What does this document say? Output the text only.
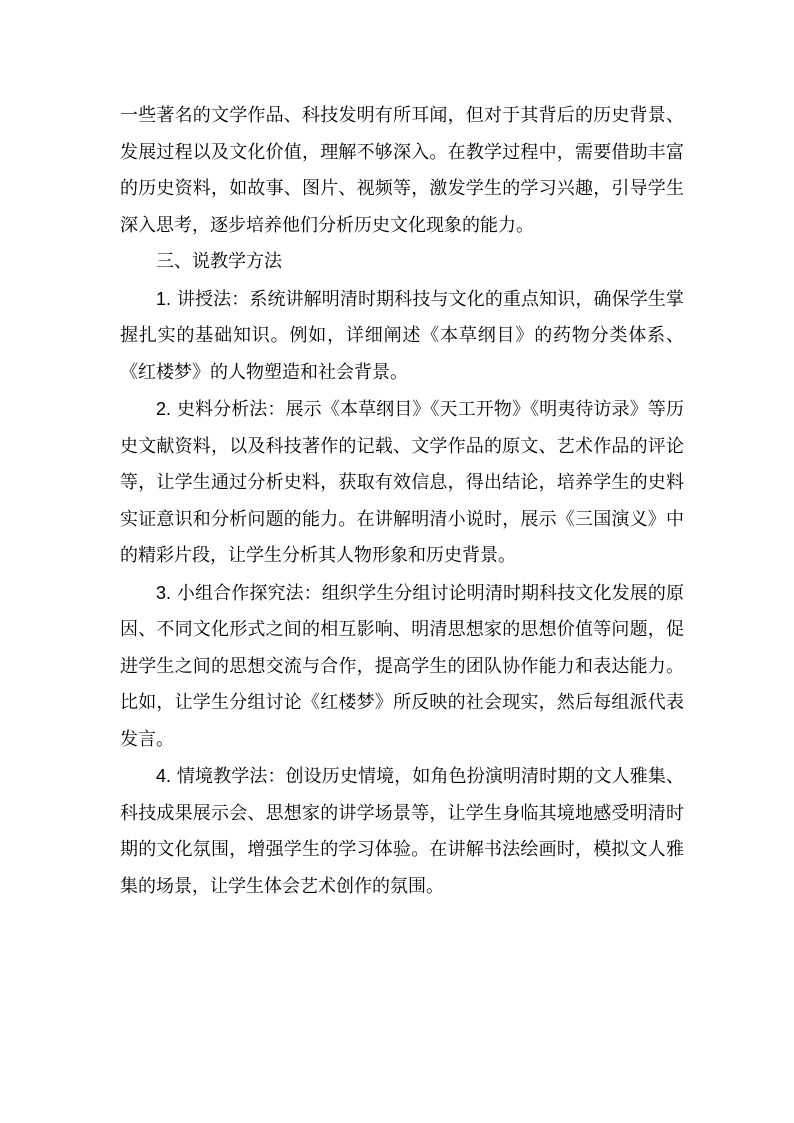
一些著名的文学作品、科技发明有所耳闻，但对于其背后的历史背景、发展过程以及文化价值，理解不够深入。在教学过程中，需要借助丰富的历史资料，如故事、图片、视频等，激发学生的学习兴趣，引导学生深入思考，逐步培养他们分析历史文化现象的能力。

三、说教学方法

1. 讲授法：系统讲解明清时期科技与文化的重点知识，确保学生掌握扎实的基础知识。例如，详细阐述《本草纲目》的药物分类体系、《红楼梦》的人物塑造和社会背景。

2. 史料分析法：展示《本草纲目》《天工开物》《明夷待访录》等历史文献资料，以及科技著作的记载、文学作品的原文、艺术作品的评论等，让学生通过分析史料，获取有效信息，得出结论，培养学生的史料实证意识和分析问题的能力。在讲解明清小说时，展示《三国演义》中的精彩片段，让学生分析其人物形象和历史背景。

3. 小组合作探究法：组织学生分组讨论明清时期科技文化发展的原因、不同文化形式之间的相互影响、明清思想家的思想价值等问题，促进学生之间的思想交流与合作，提高学生的团队协作能力和表达能力。比如，让学生分组讨论《红楼梦》所反映的社会现实，然后每组派代表发言。

4. 情境教学法：创设历史情境，如角色扮演明清时期的文人雅集、科技成果展示会、思想家的讲学场景等，让学生身临其境地感受明清时期的文化氛围，增强学生的学习体验。在讲解书法绘画时，模拟文人雅集的场景，让学生体会艺术创作的氛围。
